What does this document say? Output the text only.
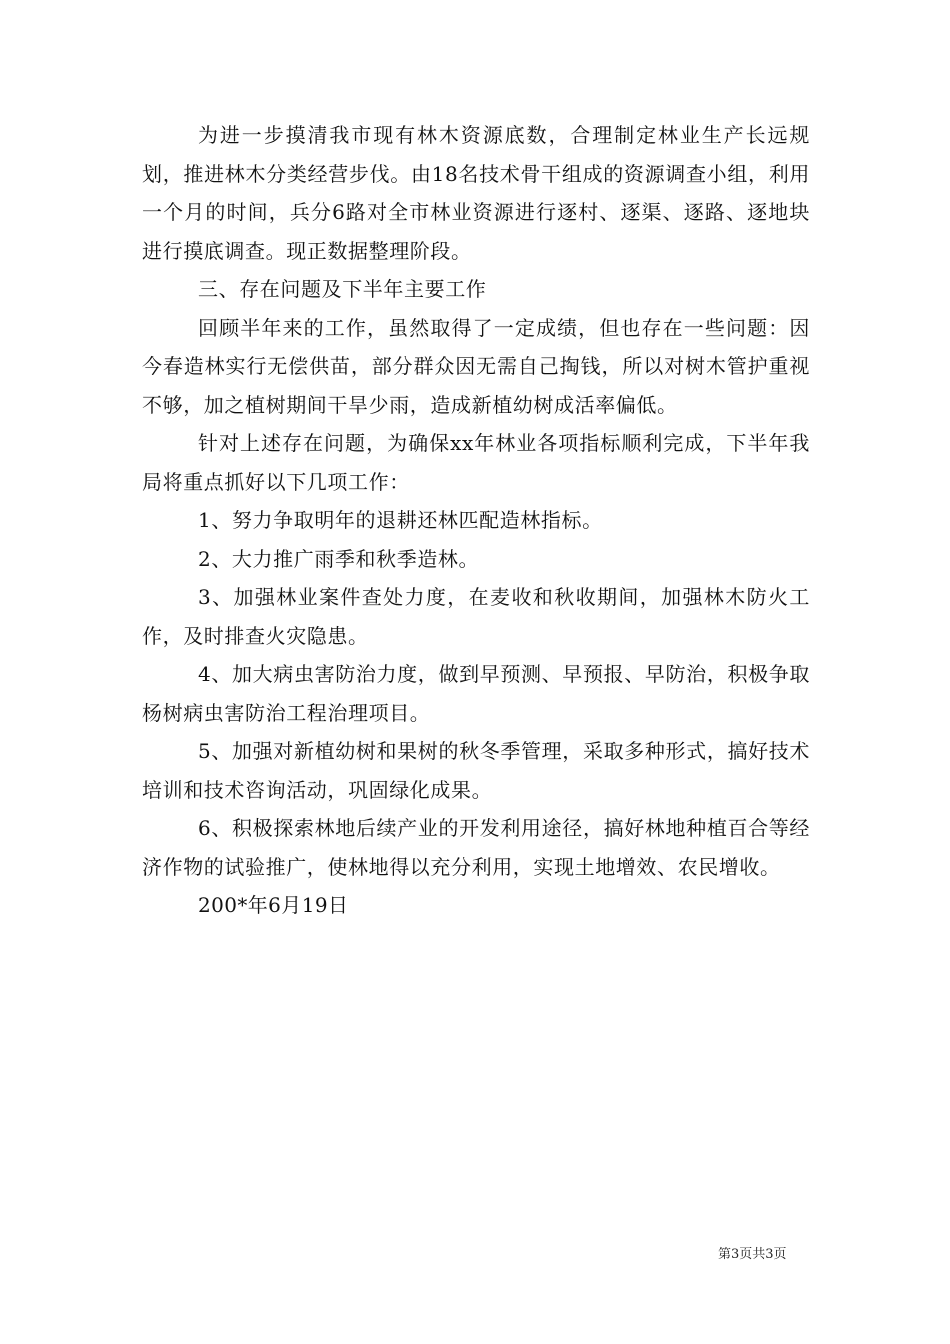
为进一步摸清我市现有林木资源底数，合理制定林业生产长远规划，推进林木分类经营步伐。由18名技术骨干组成的资源调查小组，利用一个月的时间，兵分6路对全市林业资源进行逐村、逐渠、逐路、逐地块进行摸底调查。现正数据整理阶段。

三、存在问题及下半年主要工作

回顾半年来的工作，虽然取得了一定成绩，但也存在一些问题：因今春造林实行无偿供苗，部分群众因无需自己掏钱，所以对树木管护重视不够，加之植树期间干旱少雨，造成新植幼树成活率偏低。

针对上述存在问题，为确保xx年林业各项指标顺利完成，下半年我局将重点抓好以下几项工作：

1、努力争取明年的退耕还林匹配造林指标。

2、大力推广雨季和秋季造林。

3、加强林业案件查处力度，在麦收和秋收期间，加强林木防火工作，及时排查火灾隐患。

4、加大病虫害防治力度，做到早预测、早预报、早防治，积极争取杨树病虫害防治工程治理项目。

5、加强对新植幼树和果树的秋冬季管理，采取多种形式，搞好技术培训和技术咨询活动，巩固绿化成果。

6、积极探索林地后续产业的开发利用途径，搞好林地种植百合等经济作物的试验推广，使林地得以充分利用，实现土地增效、农民增收。

200*年6月19日

第3页共3页
